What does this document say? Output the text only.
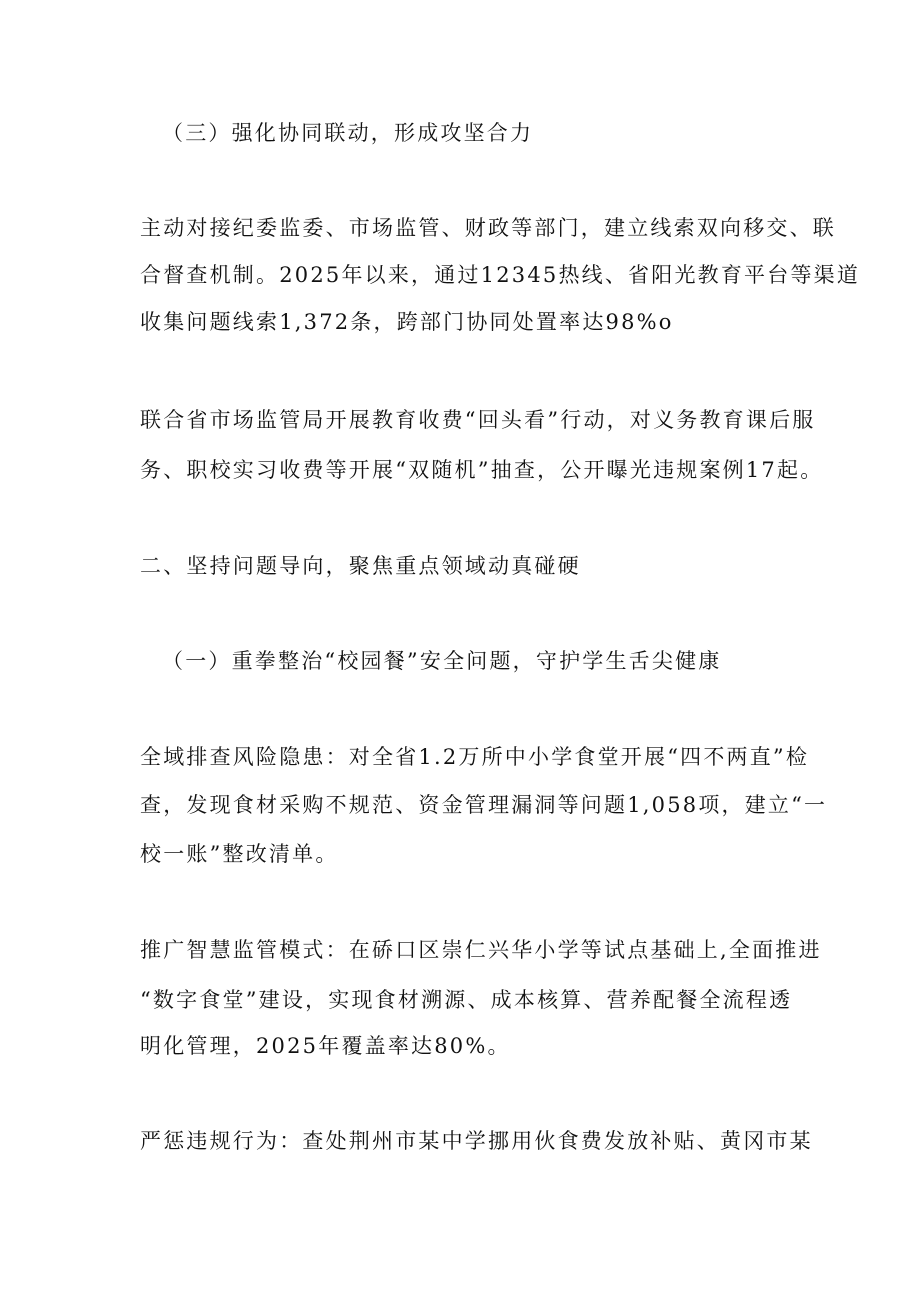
（三）强化协同联动，形成攻坚合力
主动对接纪委监委、市场监管、财政等部门，建立线索双向移交、联
合督查机制。2025年以来，通过12345热线、省阳光教育平台等渠道
收集问题线索1,372条，跨部门协同处置率达98%o
联合省市场监管局开展教育收费“回头看”行动，对义务教育课后服
务、职校实习收费等开展“双随机”抽查，公开曝光违规案例17起。
二、坚持问题导向，聚焦重点领域动真碰硬
（一）重拳整治“校园餐”安全问题，守护学生舌尖健康
全域排查风险隐患：对全省1.2万所中小学食堂开展“四不两直”检
查，发现食材采购不规范、资金管理漏洞等问题1,058项，建立“一
校一账”整改清单。
推广智慧监管模式：在硚口区崇仁兴华小学等试点基础上,全面推进
“数字食堂”建设，实现食材溯源、成本核算、营养配餐全流程透
明化管理，2025年覆盖率达80%。
严惩违规行为：查处荆州市某中学挪用伙食费发放补贴、黄冈市某
